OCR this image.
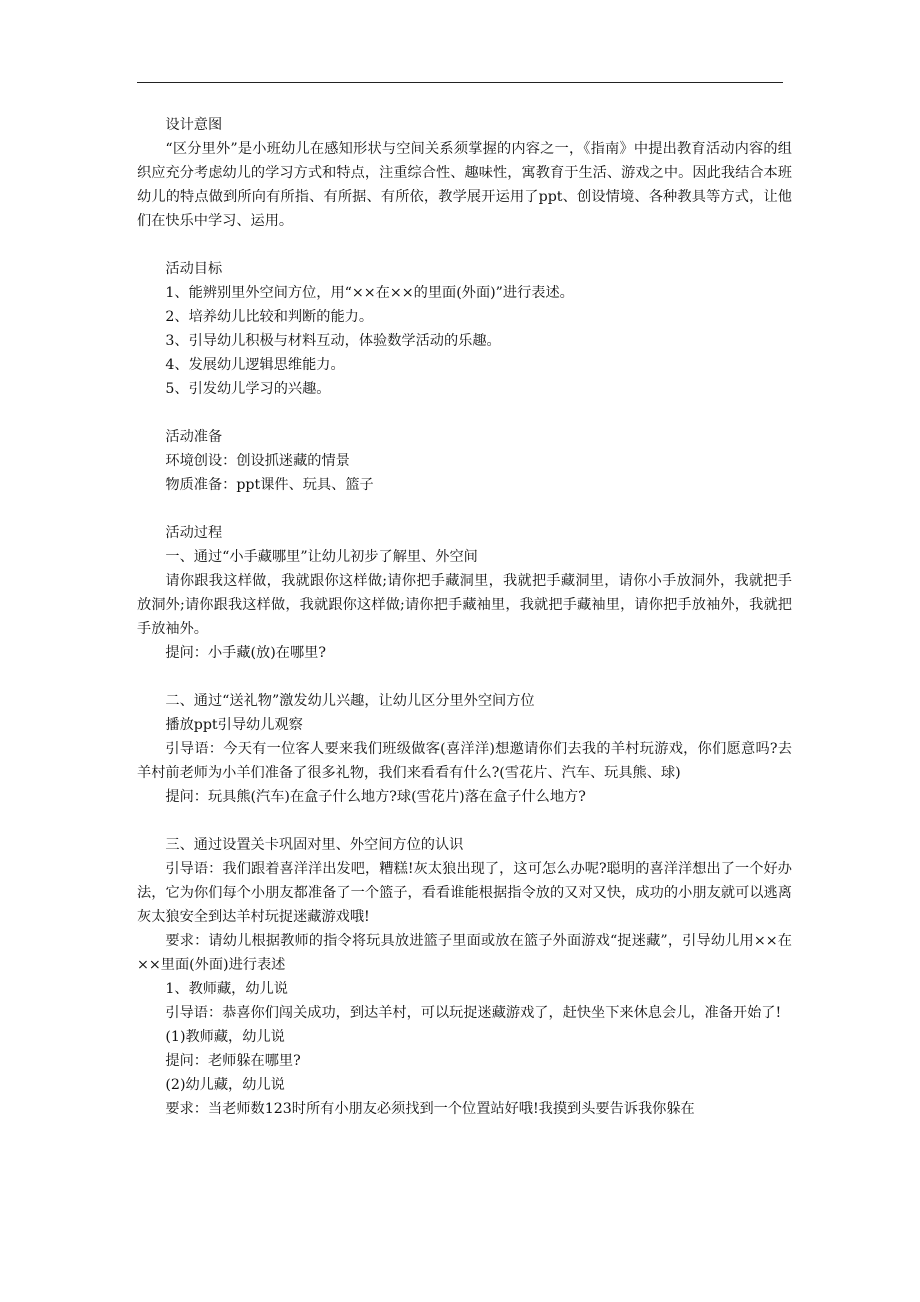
设计意图

“区分里外”是小班幼儿在感知形状与空间关系须掌握的内容之一，《指南》中提出教育活动内容的组织应充分考虑幼儿的学习方式和特点，注重综合性、趣味性，寓教育于生活、游戏之中。因此我结合本班幼儿的特点做到所向有所指、有所据、有所依，教学展开运用了ppt、创设情境、各种教具等方式，让他们在快乐中学习、运用。

活动目标

1、能辨别里外空间方位，用“××在××的里面(外面)”进行表述。

2、培养幼儿比较和判断的能力。

3、引导幼儿积极与材料互动，体验数学活动的乐趣。

4、发展幼儿逻辑思维能力。

5、引发幼儿学习的兴趣。

活动准备

环境创设：创设抓迷藏的情景

物质准备：ppt课件、玩具、篮子

活动过程

一、通过“小手藏哪里”让幼儿初步了解里、外空间

请你跟我这样做，我就跟你这样做;请你把手藏洞里，我就把手藏洞里，请你小手放洞外，我就把手放洞外;请你跟我这样做，我就跟你这样做;请你把手藏袖里，我就把手藏袖里，请你把手放袖外，我就把手放袖外。

提问：小手藏(放)在哪里?

二、通过“送礼物”激发幼儿兴趣，让幼儿区分里外空间方位

播放ppt引导幼儿观察

引导语：今天有一位客人要来我们班级做客(喜洋洋)想邀请你们去我的羊村玩游戏，你们愿意吗?去羊村前老师为小羊们准备了很多礼物，我们来看看有什么?(雪花片、汽车、玩具熊、球)

提问：玩具熊(汽车)在盒子什么地方?球(雪花片)落在盒子什么地方?

三、通过设置关卡巩固对里、外空间方位的认识

引导语：我们跟着喜洋洋出发吧，糟糕!灰太狼出现了，这可怎么办呢?聪明的喜洋洋想出了一个好办法，它为你们每个小朋友都准备了一个篮子，看看谁能根据指令放的又对又快，成功的小朋友就可以逃离灰太狼安全到达羊村玩捉迷藏游戏哦!

要求：请幼儿根据教师的指令将玩具放进篮子里面或放在篮子外面游戏“捉迷藏”，引导幼儿用××在××里面(外面)进行表述

1、教师藏，幼儿说

引导语：恭喜你们闯关成功，到达羊村，可以玩捉迷藏游戏了，赶快坐下来休息会儿，准备开始了!

(1)教师藏，幼儿说

提问：老师躲在哪里?

(2)幼儿藏，幼儿说

要求：当老师数123时所有小朋友必须找到一个位置站好哦!我摸到头要告诉我你躲在
